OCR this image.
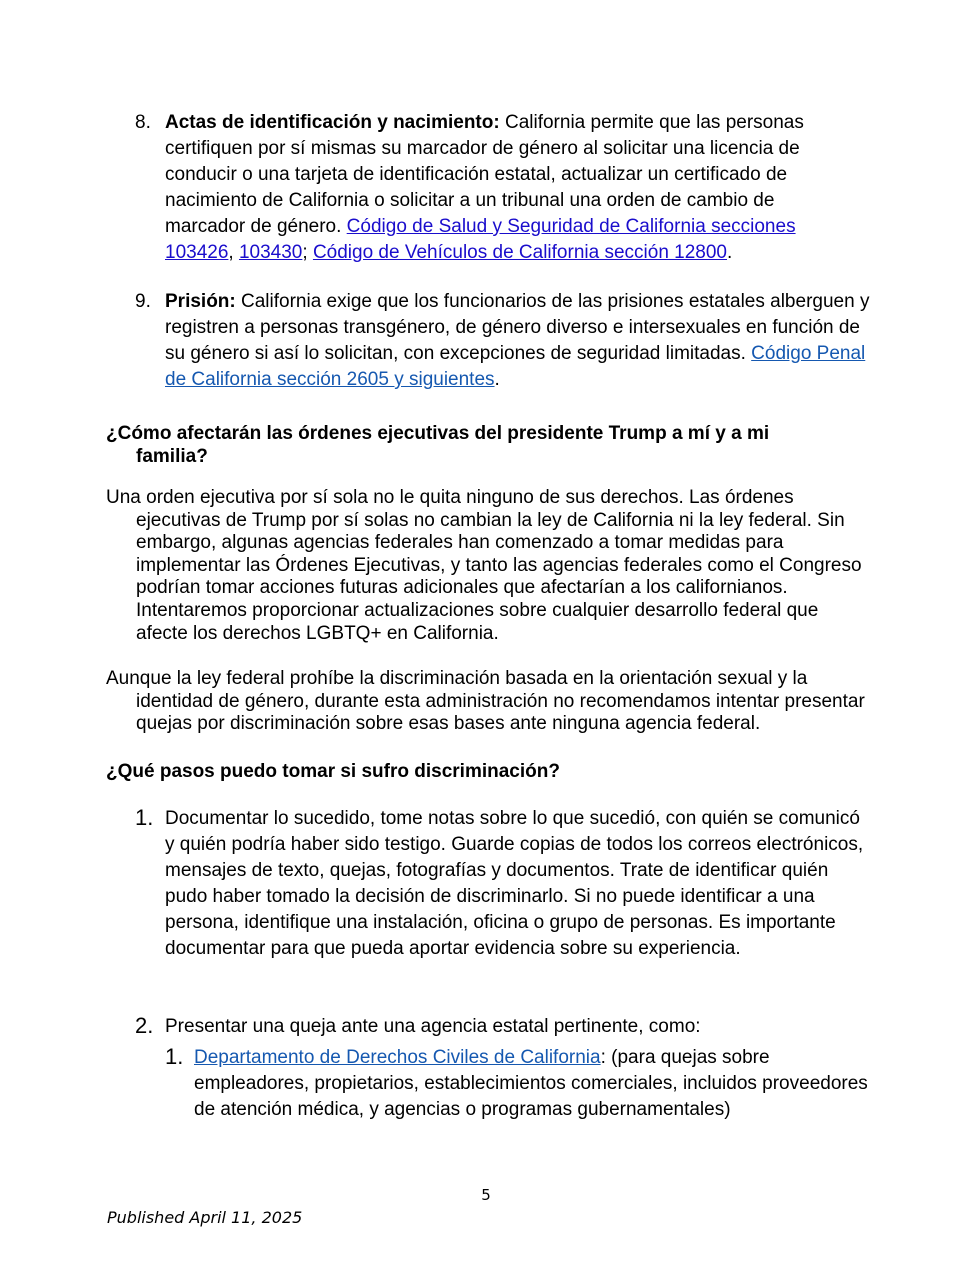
8. Actas de identificación y nacimiento: California permite que las personas certifiquen por sí mismas su marcador de género al solicitar una licencia de conducir o una tarjeta de identificación estatal, actualizar un certificado de nacimiento de California o solicitar a un tribunal una orden de cambio de marcador de género. Código de Salud y Seguridad de California secciones 103426, 103430; Código de Vehículos de California sección 12800.

9. Prisión: California exige que los funcionarios de las prisiones estatales alberguen y registren a personas transgénero, de género diverso e intersexuales en función de su género si así lo solicitan, con excepciones de seguridad limitadas. Código Penal de California sección 2605 y siguientes.

¿Cómo afectarán las órdenes ejecutivas del presidente Trump a mí y a mi familia?

Una orden ejecutiva por sí sola no le quita ninguno de sus derechos. Las órdenes ejecutivas de Trump por sí solas no cambian la ley de California ni la ley federal. Sin embargo, algunas agencias federales han comenzado a tomar medidas para implementar las Órdenes Ejecutivas, y tanto las agencias federales como el Congreso podrían tomar acciones futuras adicionales que afectarían a los californianos. Intentaremos proporcionar actualizaciones sobre cualquier desarrollo federal que afecte los derechos LGBTQ+ en California.

Aunque la ley federal prohíbe la discriminación basada en la orientación sexual y la identidad de género, durante esta administración no recomendamos intentar presentar quejas por discriminación sobre esas bases ante ninguna agencia federal.

¿Qué pasos puedo tomar si sufro discriminación?

1. Documentar lo sucedido, tome notas sobre lo que sucedió, con quién se comunicó y quién podría haber sido testigo. Guarde copias de todos los correos electrónicos, mensajes de texto, quejas, fotografías y documentos. Trate de identificar quién pudo haber tomado la decisión de discriminarlo. Si no puede identificar a una persona, identifique una instalación, oficina o grupo de personas. Es importante documentar para que pueda aportar evidencia sobre su experiencia.

2. Presentar una queja ante una agencia estatal pertinente, como:

1. Departamento de Derechos Civiles de California: (para quejas sobre empleadores, propietarios, establecimientos comerciales, incluidos proveedores de atención médica, y agencias o programas gubernamentales)

5
Published April 11, 2025
